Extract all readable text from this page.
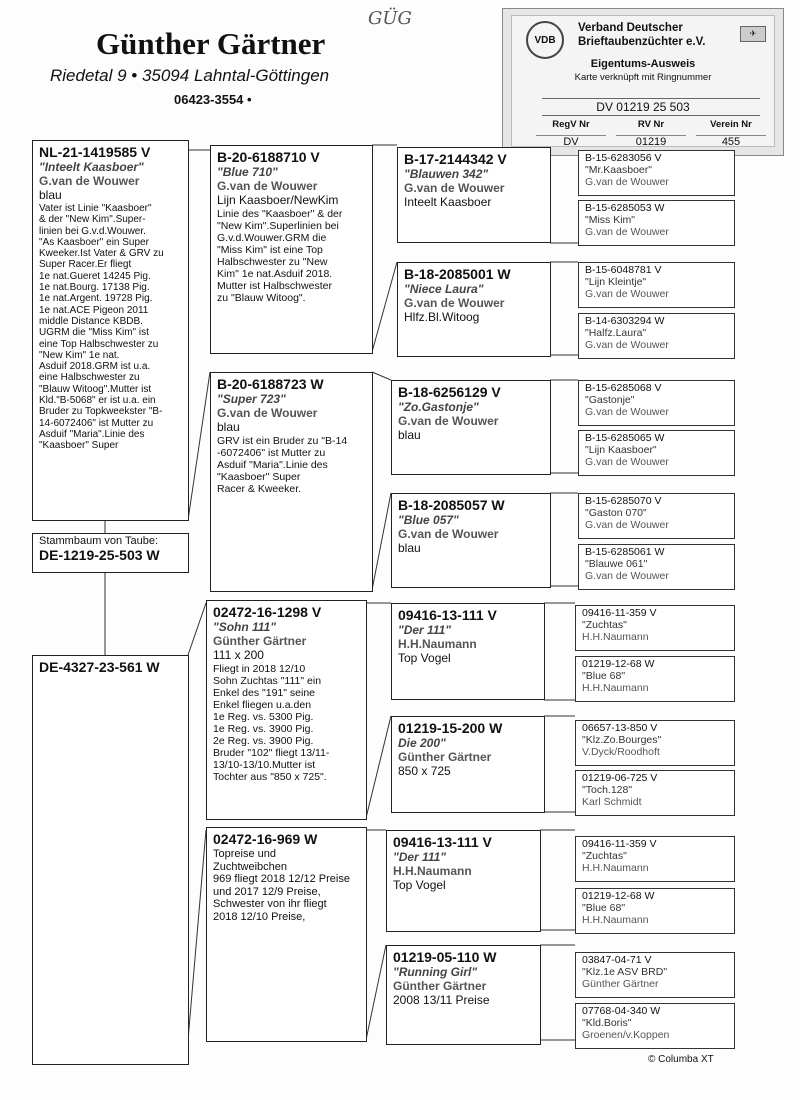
Günther Gärtner
Riedetal 9 • 35094 Lahntal-Göttingen
06423-3554 •
GÜG
VDB
✈
Verband Deutscher
Brieftaubenzüchter e.V.
Eigentums-Ausweis
Karte verknüpft mit Ringnummer
DV 01219 25 503
RegV Nr	RV Nr	Verein Nr
DV	01219	455
NL-21-1419585 V
"Inteelt Kaasboer"
G.van de Wouwer
blau
Vater ist Linie "Kaasboer"
& der "New Kim".Super-
linien bei G.v.d.Wouwer.
"As Kaasboer" ein Super
Kweeker.Ist Vater & GRV zu
Super Racer.Er fliegt
1e nat.Gueret 14245 Pig.
1e nat.Bourg. 17138 Pig.
1e nat.Argent. 19728 Pig.
1e nat.ACE Pigeon 2011
middle Distance KBDB.
UGRM die "Miss Kim" ist
eine Top Halbschwester zu
"New Kim" 1e nat.
Asduif 2018.GRM ist u.a.
eine Halbschwester zu
"Blauw Witoog".Mutter ist
Kld."B-5068" er ist u.a. ein
Bruder zu Topkweekster "B-
14-6072406" ist Mutter zu
Asduif "Maria".Linie des
"Kaasboer" Super
Stammbaum von Taube:
DE-1219-25-503 W
DE-4327-23-561 W
B-20-6188710 V
"Blue 710"
G.van de Wouwer
Lijn Kaasboer/NewKim
Linie des "Kaasboer" & der
"New Kim".Superlinien bei
G.v.d.Wouwer.GRM die
"Miss Kim" ist eine Top
Halbschwester zu "New
Kim" 1e nat.Asduif 2018.
Mutter ist Halbschwester
zu "Blauw Witoog".
B-20-6188723 W
"Super 723"
G.van de Wouwer
blau
GRV ist ein Bruder zu "B-14
-6072406" ist Mutter zu
Asduif "Maria".Linie des
"Kaasboer" Super
Racer & Kweeker.
02472-16-1298 V
"Sohn 111"
Günther Gärtner
111 x 200
Fliegt in 2018 12/10
Sohn Zuchtas "111" ein
Enkel des "191" seine
Enkel fliegen u.a.den
1e Reg. vs. 5300 Pig.
1e Reg. vs. 3900 Pig.
2e Reg. vs. 3900 Pig.
Bruder "102" fliegt 13/11-
13/10-13/10.Mutter ist
Tochter aus "850 x 725".
02472-16-969 W
Topreise und
Zuchtweibchen
969 fliegt 2018 12/12 Preise
und 2017 12/9 Preise,
Schwester von ihr fliegt
2018 12/10 Preise,
B-17-2144342 V
"Blauwen 342"
G.van de Wouwer
Inteelt Kaasboer
B-18-2085001 W
"Niece Laura"
G.van de Wouwer
Hlfz.Bl.Witoog
B-18-6256129 V
"Zo.Gastonje"
G.van de Wouwer
blau
B-18-2085057 W
"Blue 057"
G.van de Wouwer
blau
09416-13-111 V
"Der 111"
H.H.Naumann
Top Vogel
01219-15-200 W
Die 200"
Günther Gärtner
850 x 725
09416-13-111 V
"Der 111"
H.H.Naumann
Top Vogel
01219-05-110 W
"Running Girl"
Günther Gärtner
2008 13/11 Preise
B-15-6283056 V
"Mr.Kaasboer"
G.van de Wouwer
B-15-6285053 W
"Miss Kim"
G.van de Wouwer
B-15-6048781 V
"Lijn Kleintje"
G.van de Wouwer
B-14-6303294 W
"Halfz.Laura"
G.van de Wouwer
B-15-6285068 V
"Gastonje"
G.van de Wouwer
B-15-6285065 W
"Lijn Kaasboer"
G.van de Wouwer
B-15-6285070 V
"Gaston 070"
G.van de Wouwer
B-15-6285061 W
"Blauwe 061"
G.van de Wouwer
09416-11-359 V
"Zuchtas"
H.H.Naumann
01219-12-68 W
"Blue 68"
H.H.Naumann
06657-13-850 V
"Klz.Zo.Bourges"
V.Dyck/Roodhoft
01219-06-725 V
"Toch.128"
Karl Schmidt
09416-11-359 V
"Zuchtas"
H.H.Naumann
01219-12-68 W
"Blue 68"
H.H.Naumann
03847-04-71 V
"Klz.1e ASV BRD"
Günther Gärtner
07768-04-340 W
"Kld.Boris"
Groenen/v.Koppen
© Columba XT
